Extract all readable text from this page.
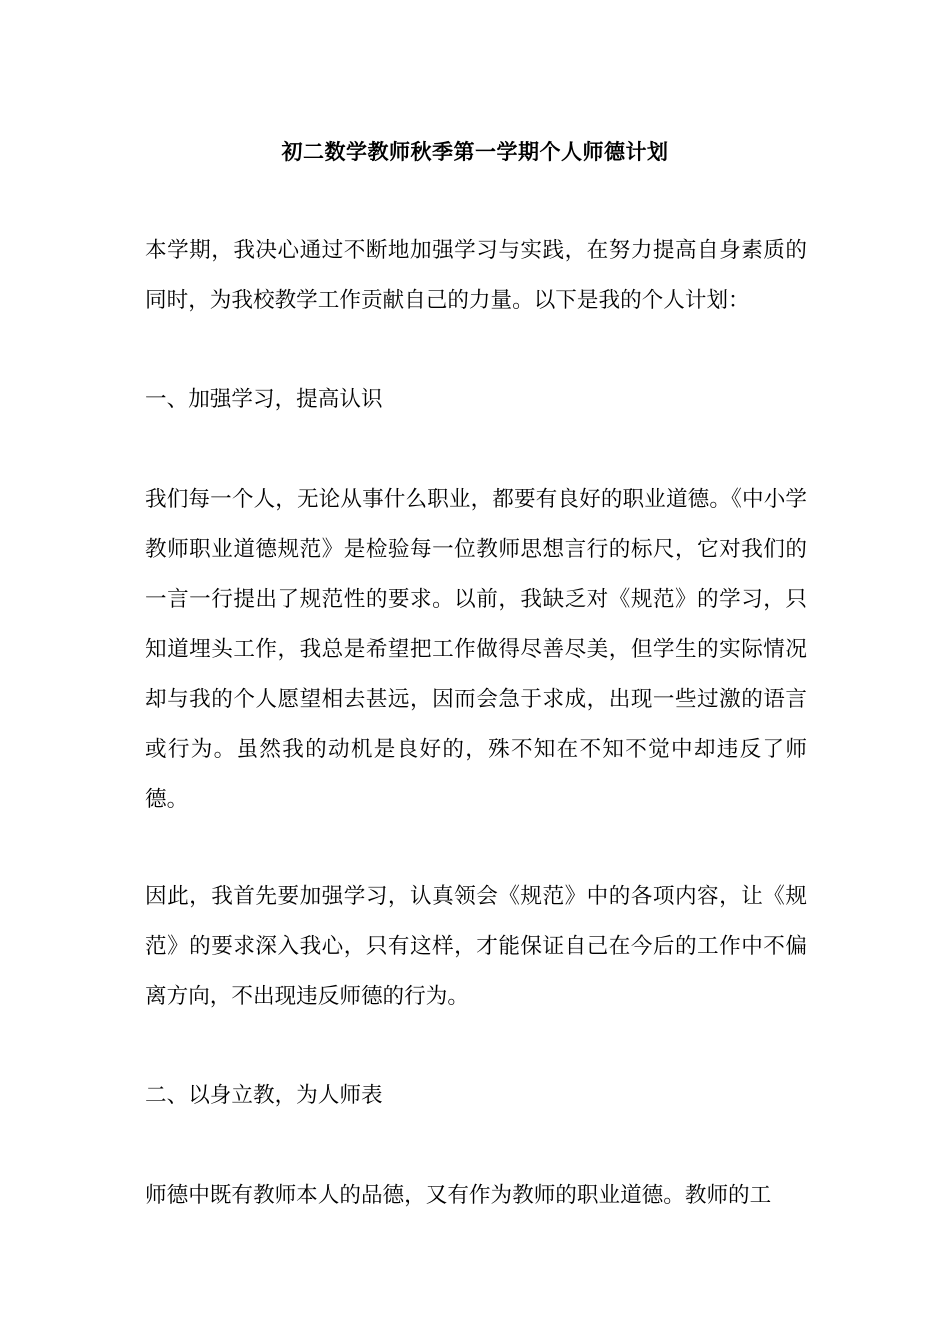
初二数学教师秋季第一学期个人师德计划

本学期，我决心通过不断地加强学习与实践，在努力提高自身素质的同时，为我校教学工作贡献自己的力量。以下是我的个人计划：

一、加强学习，提高认识

我们每一个人，无论从事什么职业，都要有良好的职业道德。《中小学教师职业道德规范》是检验每一位教师思想言行的标尺，它对我们的一言一行提出了规范性的要求。以前，我缺乏对《规范》的学习，只知道埋头工作，我总是希望把工作做得尽善尽美，但学生的实际情况却与我的个人愿望相去甚远，因而会急于求成，出现一些过激的语言或行为。虽然我的动机是良好的，殊不知在不知不觉中却违反了师德。

因此，我首先要加强学习，认真领会《规范》中的各项内容，让《规范》的要求深入我心，只有这样，才能保证自己在今后的工作中不偏离方向，不出现违反师德的行为。

二、以身立教，为人师表

师德中既有教师本人的品德，又有作为教师的职业道德。教师的工
